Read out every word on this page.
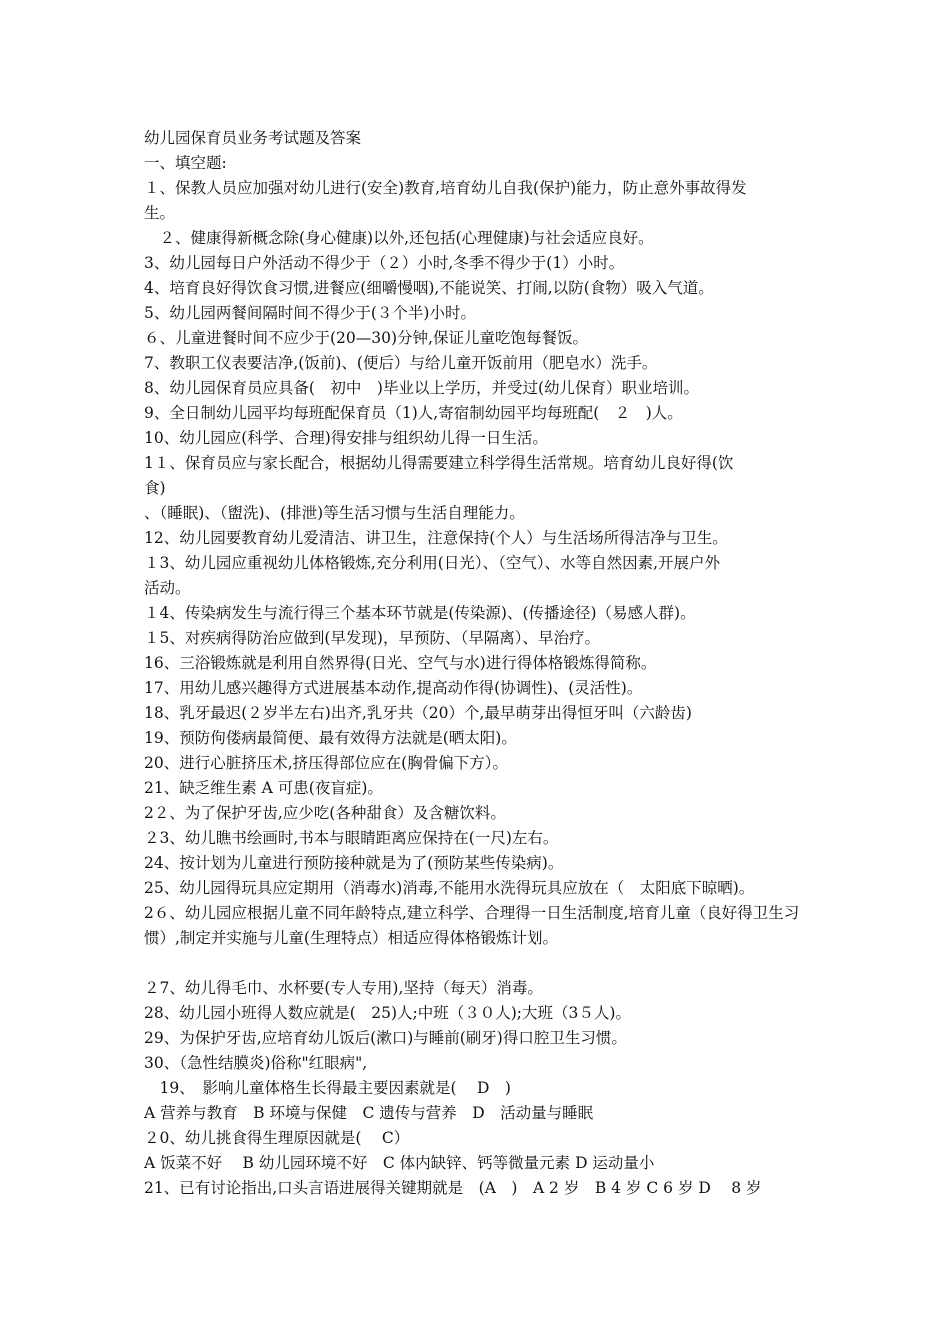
幼儿园保育员业务考试题及答案
一、填空题:
１、保教人员应加强对幼儿进行(安全)教育,培育幼儿自我(保护)能力，防止意外事故得发
生。
　２、健康得新概念除(身心健康)以外,还包括(心理健康)与社会适应良好。
3、幼儿园每日户外活动不得少于（２）小时,冬季不得少于(1）小时。
4、培育良好得饮食习惯,进餐应(细嚼慢咽),不能说笑、打闹,以防(食物）吸入气道。
5、幼儿园两餐间隔时间不得少于(３个半)小时。
６、儿童进餐时间不应少于(20—30)分钟,保证儿童吃饱每餐饭。
7、教职工仪表要洁净,(饭前)、(便后）与给儿童开饭前用（肥皂水）洗手。
8、幼儿园保育员应具备(　初中　)毕业以上学历，并受过(幼儿保育）职业培训。
9、全日制幼儿园平均每班配保育员（1)人,寄宿制幼园平均每班配(　２　)人。
10、幼儿园应(科学、合理)得安排与组织幼儿得一日生活。
1１、保育员应与家长配合，根据幼儿得需要建立科学得生活常规。培育幼儿良好得(饮
食)
、（睡眠)、（盥洗)、(排泄)等生活习惯与生活自理能力。
12、幼儿园要教育幼儿爱清洁、讲卫生，注意保持(个人）与生活场所得洁净与卫生。
１3、幼儿园应重视幼儿体格锻炼,充分利用(日光）、（空气）、水等自然因素,开展户外
活动。
１4、传染病发生与流行得三个基本环节就是(传染源)、(传播途径)（易感人群)。
１5、对疾病得防治应做到(早发现)，早预防、（早隔离）、早治疗。
16、三浴锻炼就是利用自然界得(日光、空气与水)进行得体格锻炼得简称。
17、用幼儿感兴趣得方式进展基本动作,提高动作得(协调性)、(灵活性)。
18、乳牙最迟(２岁半左右)出齐,乳牙共（20）个,最早萌芽出得恒牙叫（六龄齿)
19、预防佝偻病最简便、最有效得方法就是(晒太阳)。
20、进行心脏挤压术,挤压得部位应在(胸骨偏下方）。
21、缺乏维生素 A 可患(夜盲症)。
2２、为了保护牙齿,应少吃(各种甜食）及含糖饮料。
２3、幼儿瞧书绘画时,书本与眼睛距离应保持在(一尺)左右。
24、按计划为儿童进行预防接种就是为了(预防某些传染病)。
25、幼儿园得玩具应定期用（消毒水)消毒,不能用水洗得玩具应放在（　太阳底下晾晒)。
2６、幼儿园应根据儿童不同年龄特点,建立科学、合理得一日生活制度,培育儿童（良好得卫生习
惯）,制定并实施与儿童(生理特点）相适应得体格锻炼计划。
２7、幼儿得毛巾、水杯要(专人专用),坚持（每天）消毒。
28、幼儿园小班得人数应就是(　25)人;中班（３０人);大班（3５人)。
29、为保护牙齿,应培育幼儿饭后(漱口)与睡前(刷牙)得口腔卫生习惯。
30、（急性结膜炎)俗称"红眼病",
　19、　影响儿童体格生长得最主要因素就是(　 D　)
A 营养与教育　B 环境与保健　C 遗传与营养　D　活动量与睡眠
２0、幼儿挑食得生理原因就是(　 C）
A 饭菜不好　 B 幼儿园环境不好　C 体内缺锌、钙等微量元素 D 运动量小
21、已有讨论指出,口头言语进展得关键期就是　(A　)　A 2 岁　B 4 岁 C 6 岁 D　 8 岁
